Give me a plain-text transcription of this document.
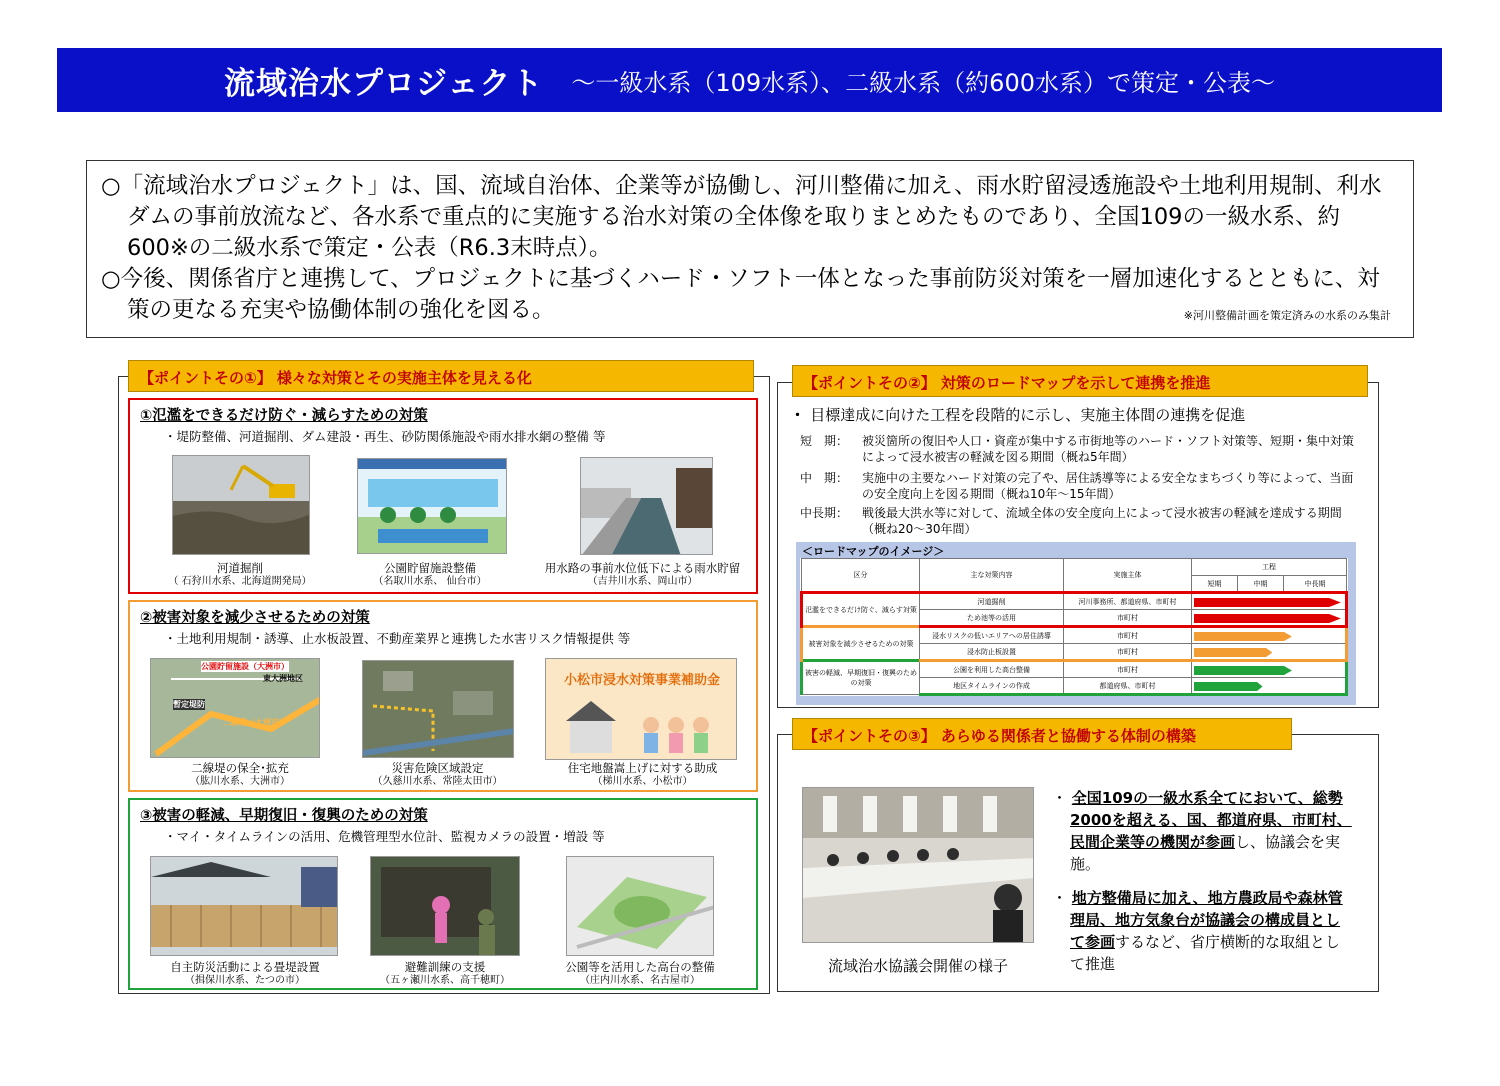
流域治水プロジェクト ～一級水系（109水系）、二級水系（約600水系）で策定・公表～
○「流域治水プロジェクト」は、国、流域自治体、企業等が協働し、河川整備に加え、雨水貯留浸透施設や土地利用規制、利水ダムの事前放流など、各水系で重点的に実施する治水対策の全体像を取りまとめたものであり、全国109の一級水系、約600※の二級水系で策定・公表（R6.3末時点）。
○今後、関係省庁と連携して、プロジェクトに基づくハード・ソフト一体となった事前防災対策を一層加速化するとともに、対策の更なる充実や協働体制の強化を図る。	※河川整備計画を策定済みの水系のみ集計
【ポイントその①】 様々な対策とその実施主体を見える化
①氾濫をできるだけ防ぐ・減らすための対策
・堤防整備、河道掘削、ダム建設・再生、砂防関係施設や雨水排水網の整備 等
河道掘削
（ 石狩川水系、北海道開発局）
公園貯留施設整備
（名取川水系、 仙台市）
用水路の事前水位低下による雨水貯留
（吉井川水系、岡山市）
②被害対象を減少させるための対策
・土地利用規制・誘導、止水板設置、不動産業界と連携した水害リスク情報提供 等
公園貯留施設（大洲市）
東大洲地区
二線堤（大洲市）
暫定堤防
小松市浸水対策事業補助金
二線堤の保全･拡充
（肱川水系、大洲市）
災害危険区域設定
（久慈川水系、常陸太田市）
住宅地盤嵩上げに対する助成
（梯川水系、小松市）
③被害の軽減、早期復旧・復興のための対策
・マイ・タイムラインの活用、危機管理型水位計、監視カメラの設置・増設 等
自主防災活動による畳堤設置
（揖保川水系、たつの市）
避難訓練の支援
（五ヶ瀬川水系、高千穂町）
公園等を活用した高台の整備
（庄内川水系、名古屋市）
【ポイントその②】 対策のロードマップを示して連携を推進
・ 目標達成に向けた工程を段階的に示し、実施主体間の連携を促進
短　期：	被災箇所の復旧や人口・資産が集中する市街地等のハード・ソフト対策等、短期・集中対策によって浸水被害の軽減を図る期間（概ね5年間）
中　期：	実施中の主要なハード対策の完了や、居住誘導等による安全なまちづくり等によって、当面の安全度向上を図る期間（概ね10年～15年間）
中長期：	戦後最大洪水等に対して、流域全体の安全度向上によって浸水被害の軽減を達成する期間（概ね20～30年間）
＜ロードマップのイメージ＞
区分	主な対策内容	実施主体	工程		
			短期	中期	中長期
氾濫をできるだけ防ぐ、減らす対策	河道掘削	河川事務所、都道府県、市町村			

	ため池等の活用	市町村			

被害対象を減少させるための対策	浸水リスクの低いエリアへの居住誘導	市町村			

	浸水防止板設置	市町村			

被害の軽減、早期復旧・復興のための対策	公園を利用した高台整備	市町村			

	地区タイムラインの作成	都道府県、市町村			
【ポイントその③】 あらゆる関係者と協働する体制の構築
流域治水協議会開催の様子
・ 全国109の一級水系全てにおいて、総勢2000を超える、国、都道府県、市町村、民間企業等の機関が参画し、協議会を実施。
・ 地方整備局に加え、地方農政局や森林管理局、地方気象台が協議会の構成員として参画するなど、省庁横断的な取組として推進
